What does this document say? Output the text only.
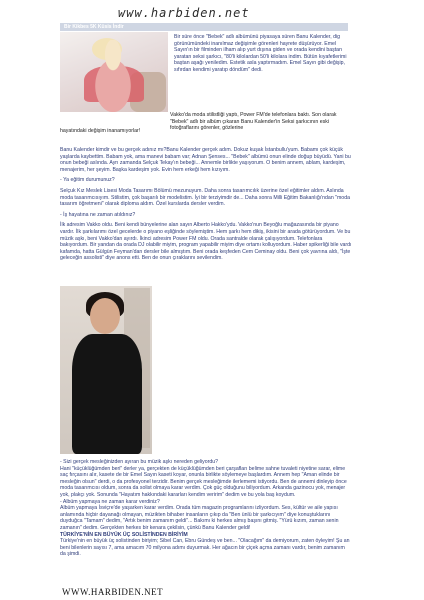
www.harbiden.net
Bir Kikbes 5K Küsis İndir

Bir süre önce "Bebek" adlı albümünü piyasaya süren Banu Kalender, dig görünümündeki inanılmaz değişimle görenleri hayrete düşürüyor. Emel Sayın'ın bir filminden ilham alıp yurt dışına giden ve orada kendini baştan yaratan seksi şarkıcı, "80'li kilolardan 50'li kilolara indim. Bütün kıyafetlerimi baştan aşağı yeniledim. Estetik asla yaptırmadım. Emel Sayın gibi değişip, sıfırdan kendimi yaratıp döndüm" dedi.

Vakko'da moda stilistliği yaptı, Power FM'de telefonlara baktı. Son olarak "Bebek" adlı bir albüm çıkaran Banu Kalender'in Seksi şarkıcının eski fotoğraflarını görenler, gözlerine

hayatındaki değişim inanamıyorlar!

Banu Kalender kimdir ve bu gerçek adınız mı?Banu Kalender gerçek adım. Dokuz kuşak İstanbullu'yum. Babamı çok küçük yaşlarda kaybettim. Babam yok, ama manevi babam var; Adnan Şenses... "Bebek" albümü onun elinde doğup büyüdü. Yani bu onun bebeği aslında. Ayrı zamanda Selçuk Tekay'ın bebeği... Annemle birlikte yaşıyorum. O benim annem, ablam, kardeşim, menajerim, her şeyim. Başka kardeşim yok. Evin hem erkeği hem kızıyım.

- Ya eğitim durumunuz?

Selçuk Kız Meslek Lisesi Moda Tasarımı Bölümü mezunuyum. Daha sonra tasarımcılık üzerine özel eğitimler aldım. Aslında moda tasarımcısıyım. Stilistim, çok başarılı bir modelistim. İyi bir terziyimdir de... Daha sonra Milli Eğitim Bakanlığı'ndan "moda tasarım öğretmeni" olarak diploma aldım. Özel kurslarda dersler verdim.

- İş hayatına ne zaman atıldınız?

İlk adresim Vakko oldu. Beni kendi bünyelerine alan sayın Alberto Hakko'ydu. Vakko'nun Beyoğlu mağazasında bir piyano vardır. İlk şarkılarımı özel gecelerde o piyano eşliğinde söylemiştim. Hem şarkı hem dikiş, ikisini bir arada götürüyordum. Ve bu müzik aşkı, beni Vakko'dan ayırdı. İkinci adresim Power FM oldu. Orada santralde olarak çalışıyordum. Telefonlara bakıyordum. Bir yandan da orada DJ olabilir miyim, program yapabilir miyim diye ortamı kolluyordum. Haber spikerliği bile vardı kafamda, hatta Gülgün Feyman'dan dersler bile almıştım. Beni orada keşfeden Cem Ceminay oldu. Beni çok yavrına aldı, "İşte geleceğin assolisti" diye anons etti. Ben de onun çıraklarını sevilendim.

- Sizi gerçek mesleğinizden ayıran bu müzik aşkı nereden geliyordu?

Hani "küçüklüğümden beri" derler ya, gerçekten de küçüklüğümden beri çarşafları belime sahne tuvaleti niyetine sarar, elime saç fırçasını alır, kasete de bir Emel Sayın kaseti koyar, onunla birlikte söylemeye başlardım. Annem hep "Aman elinde bir mesleğin olsun" derdi, o da profesyonel terzidir. Benim gerçek mesleğimde ilerlememi istiyordu. Ben de annemi dinleyip önce moda tasarımcısı oldum, sonra da solist olmaya karar verdim. Çok güç olduğunu biliyordum. Arkanda gazinocu yok, menajer yok, plakçı yok. Sonunda "Hayatım hakkındaki kararları kendim veririm" dedim ve bu yola baş koydum.

- Albüm yapmaya ne zaman karar verdiniz?

Albüm yapmaya İsviçre'de yaşarken karar verdim. Orada tüm magazin programlarını izliyordum. Ses, kültür ve aile yapısı anlamında hiçbir dayanağı olmayan, müzikten bihaber insanların çıkıp da "Ben ünlü bir şarkıcıyım" diye konuştuklarını duyduğca "Tamam" dedim, "Artık benim zamanım geldi"... Bakımı ki herkes almış başını gitmiş. "Yürü kızım, zaman senin zamanın" dedim. Gerçekten herkes bir kenara çekilsin, çünkü Banu Kalender geldi!

TÜRKİYE'NİN EN BÜYÜK ÜÇ SOLİSTİNDEN BİRİYİM

Türkiye'nin en büyük üç solistinden biriyim; Sibel Can, Ebru Gündeş ve ben... "Olacağım" da demiyorum, zaten öyleyim! Şu an beni bilenlerin sayısı 7, ama amacım 70 milyona adımı duyurmak. Her ağacın bir çiçek açma zamanı vardır, benim zamanım da şimdi.

WWW.HARBIDEN.NET
